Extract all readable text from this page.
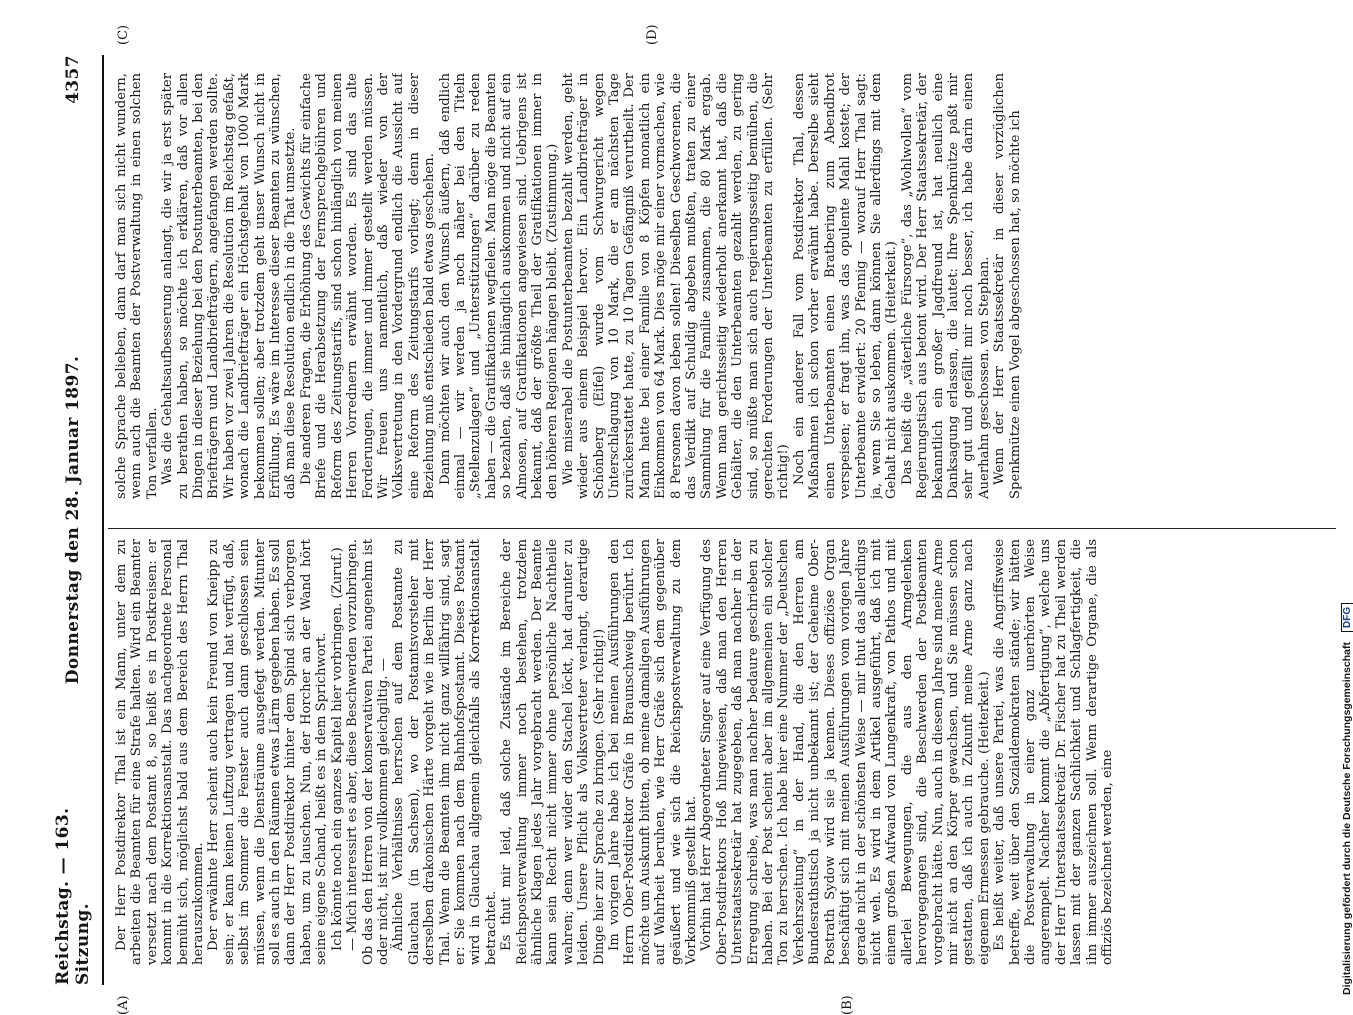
Reichstag. — 163. Sitzung.
Donnerstag den 28. Januar 1897.
4357
(A)	(B)
(C)	(D)

Der Herr Postdirektor Thal ist ein Mann, unter dem zu arbeiten die Beamten für eine Strafe halten. Wird ein Beamter versetzt nach dem Postamt 8, so heißt es in Postkreisen: er kommt in die Korrektionsanstalt. Das nachgeordnete Personal bemüht sich, möglichst bald aus dem Bereich des Herrn Thal herauszukommen. Der erwähnte Herr scheint auch kein Freund von Kneipp zu sein; er kann keinen Luftzug vertragen und hat verfügt, daß, selbst im Sommer die Fenster auch dann geschlossen sein müssen, wenn die Diensträume ausgefegt werden. Mitunter soll es auch in den Räumen etwas Lärm gegeben haben. Es soll dann der Herr Postdirektor hinter dem Spind sich verborgen haben, um zu lauschen. Nun, der Horcher an der Wand hört seine eigene Schand, heißt es in dem Sprichwort. Ich könnte noch ein ganzes Kapitel hier vorbringen. (Zuruf.) — Mich interessirt es aber, diese Beschwerden vorzubringen. Ob das den Herren von der konservativen Partei angenehm ist oder nicht, ist mir vollkommen gleichgiltig. — Ähnliche Verhältnisse herrschen auf dem Postamte zu Glauchau (in Sachsen), wo der Postamtsvorsteher mit derselben drakonischen Härte vorgeht wie in Berlin der Herr Thal. Wenn die Beamten ihm nicht ganz willfährig sind, sagt er: Sie kommen nach dem Bahnhofspostamt. Dieses Postamt wird in Glauchau allgemein gleichfalls als Korrektionsanstalt betrachtet. Es thut mir leid, daß solche Zustände im Bereiche der Reichspostverwaltung immer noch bestehen, trotzdem ähnliche Klagen jedes Jahr vorgebracht werden. Der Beamte kann sein Recht nicht immer ohne persönliche Nachtheile wahren; denn wer wider den Stachel löckt, hat darunter zu leiden. Unsere Pflicht als Volksvertreter verlangt, derartige Dinge hier zur Sprache zu bringen. (Sehr richtig!) Im vorigen Jahre habe ich bei meinen Ausführungen den Herrn Ober-Postdirektor Gräfe in Braunschweig berührt. Ich möchte um Auskunft bitten, ob meine damaligen Ausführungen auf Wahrheit beruhen, wie Herr Gräfe sich dem gegenüber geäußert und wie sich die Reichspostverwaltung zu dem Vorkommniß gestellt hat. Vorhin hat Herr Abgeordneter Singer auf eine Verfügung des Ober-Postdirektors Hoß hingewiesen, daß man den Herren Unterstaatssekretär hat zugegeben, daß man nachher in der Erregung schreibe, was man nachher bedaure geschrieben zu haben. Bei der Post scheint aber im allgemeinen ein solcher Ton zu herrschen. Ich habe hier eine Nummer der „Deutschen Verkehrszeitung“ in der Hand, die den Herren am Bundesrathstisch ja nicht unbekannt ist; der Geheime Ober-Postrath Sydow wird sie ja kennen. Dieses offiziöse Organ beschäftigt sich mit meinen Ausführungen vom vorigen Jahre gerade nicht in der schönsten Weise — mir thut das allerdings nicht weh. Es wird in dem Artikel ausgeführt, daß ich mit einem großen Aufwand von Lungenkraft, von Pathos und mit allerlei Bewegungen, die aus den Armgelenken hervorgegangen sind, die Beschwerden der Postbeamten vorgebracht hätte. Nun, auch in diesem Jahre sind meine Arme mir nicht an den Körper gewachsen, und Sie müssen schon gestatten, daß ich auch in Zukunft meine Arme ganz nach eigenem Ermessen gebrauche. (Heiterkeit.) Es heißt weiter, daß unsere Partei, was die Angriffsweise betreffe, weit über den Sozialdemokraten stände; wir hätten die Postverwaltung in einer ganz unerhörten Weise angerempelt. Nachher kommt die „Abfertigung“, welche uns der Herr Unterstaatssekretär Dr. Fischer hat zu Theil werden lassen mit der ganzen Sachlichkeit und Schlagfertigkeit, die ihn immer auszeichnen soll. Wenn derartige Organe, die als offiziös bezeichnet werden, eine

solche Sprache belieben, dann darf man sich nicht wundern, wenn auch die Beamten der Postverwaltung in einen solchen Ton verfallen. Was die Gehaltsaufbesserung anlangt, die wir ja erst später zu berathen haben, so möchte ich erklären, daß vor allen Dingen in dieser Beziehung bei den Postunterbeamten, bei den Briefträgern und Landbriefträgern, angefangen werden sollte. Wir haben vor zwei Jahren die Resolution im Reichstag gefaßt, wonach die Landbriefträger ein Höchstgehalt von 1000 Mark bekommen sollen; aber trotzdem geht unser Wunsch nicht in Erfüllung. Es wäre im Interesse dieser Beamten zu wünschen, daß man diese Resolution endlich in die That umsetzte. Die anderen Fragen, die Erhöhung des Gewichts für einfache Briefe und die Herabsetzung der Fernsprechgebühren und Reform des Zeitungstarifs, sind schon hinlänglich von meinen Herren Vorrednern erwähnt worden. Es sind das alte Forderungen, die immer und immer gestellt werden müssen. Wir freuen uns namentlich, daß wieder von der Volksvertretung in den Vordergrund endlich die Aussicht auf eine Reform des Zeitungstarifs vorliegt; denn in dieser Beziehung muß entschieden bald etwas geschehen. Dann möchten wir auch den Wunsch äußern, daß endlich einmal — wir werden ja noch näher bei den Titeln „Stellenzulagen“ und „Unterstützungen“ darüber zu reden haben — die Gratifikationen wegfielen. Man möge die Beamten so bezahlen, daß sie hinlänglich auskommen und nicht auf ein Almosen, auf Gratifikationen angewiesen sind. Uebrigens ist bekannt, daß der größte Theil der Gratifikationen immer in den höheren Regionen hängen bleibt. (Zustimmung.) Wie miserabel die Postunterbeamten bezahlt werden, geht wieder aus einem Beispiel hervor. Ein Landbriefträger in Schönberg (Eifel) wurde vom Schwurgericht wegen Unterschlagung von 10 Mark, die er am nächsten Tage zurückerstattet hatte, zu 10 Tagen Gefängniß verurtheilt. Der Mann hatte bei einer Familie von 8 Köpfen monatlich ein Einkommen von 64 Mark. Dies möge mir einer vormachen, wie 8 Personen davon leben sollen! Dieselben Geschworenen, die das Verdikt auf Schuldig abgeben mußten, traten zu einer Sammlung für die Familie zusammen, die 80 Mark ergab. Wenn man gerichtsseitig wiederholt anerkannt hat, daß die Gehälter, die den Unterbeamten gezahlt werden, zu gering sind, so müßte man sich auch regierungsseitig bemühen, die gerechten Forderungen der Unterbeamten zu erfüllen. (Sehr richtig!) Noch ein anderer Fall vom Postdirektor Thal, dessen Maßnahmen ich schon vorher erwähnt habe. Derselbe sieht einen Unterbeamten einen Bratbering zum Abendbrot verspeisen; er fragt ihn, was das opulente Mahl kostet; der Unterbeamte erwidert: 20 Pfennig — worauf Herr Thal sagt: ja, wenn Sie so leben, dann können Sie allerdings mit dem Gehalt nicht auskommen. (Heiterkeit.) Das heißt die „väterliche Fürsorge“, das „Wohlwollen“ vom Regierungstisch aus betont wird. Der Herr Staatssekretär, der bekanntlich ein großer Jagdfreund ist, hat neulich eine Danksagung erlassen, die lautet: Ihre Spenkmütze paßt mir sehr gut und gefällt mir noch besser, ich habe darin einen Auerhahn geschossen. von Stephan. Wenn der Herr Staatssekretär in dieser vorzüglichen Spenkmütze einen Vogel abgeschossen hat, so möchte ich

Digitalisierung gefördert durch die Deutsche Forschungsgemeinschaft
DFG
